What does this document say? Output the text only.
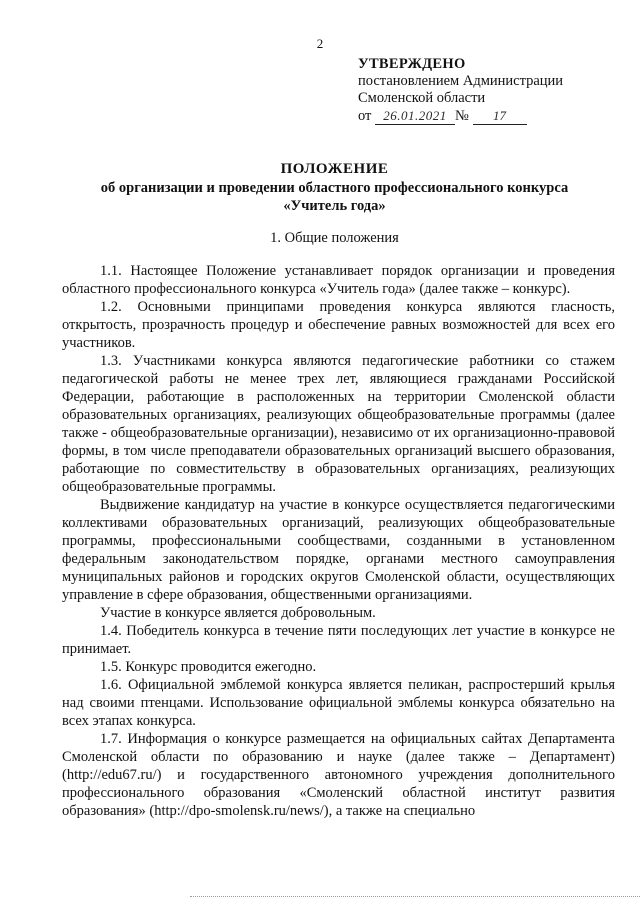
2
УТВЕРЖДЕНО
постановлением Администрации
Смоленской области
от 26.01.2021 № 17
ПОЛОЖЕНИЕ
об организации и проведении областного профессионального конкурса
«Учитель года»
1. Общие положения

1.1. Настоящее Положение устанавливает порядок организации и проведения областного профессионального конкурса «Учитель года» (далее также – конкурс).

1.2. Основными принципами проведения конкурса являются гласность, открытость, прозрачность процедур и обеспечение равных возможностей для всех его участников.

1.3. Участниками конкурса являются педагогические работники со стажем педагогической работы не менее трех лет, являющиеся гражданами Российской Федерации, работающие в расположенных на территории Смоленской области образовательных организациях, реализующих общеобразовательные программы (далее также - общеобразовательные организации), независимо от их организационно-правовой формы, в том числе преподаватели образовательных организаций высшего образования, работающие по совместительству в образовательных организациях, реализующих общеобразовательные программы.

Выдвижение кандидатур на участие в конкурсе осуществляется педагогическими коллективами образовательных организаций, реализующих общеобразовательные программы, профессиональными сообществами, созданными в установленном федеральным законодательством порядке, органами местного самоуправления муниципальных районов и городских округов Смоленской области, осуществляющих управление в сфере образования, общественными организациями.

Участие в конкурсе является добровольным.

1.4. Победитель конкурса в течение пяти последующих лет участие в конкурсе не принимает.

1.5. Конкурс проводится ежегодно.

1.6. Официальной эмблемой конкурса является пеликан, распростерший крылья над своими птенцами. Использование официальной эмблемы конкурса обязательно на всех этапах конкурса.

1.7. Информация о конкурсе размещается на официальных сайтах Департамента Смоленской области по образованию и науке (далее также – Департамент) (http://edu67.ru/) и государственного автономного учреждения дополнительного профессионального образования «Смоленский областной институт развития образования» (http://dpo-smolensk.ru/news/), а также на специально
